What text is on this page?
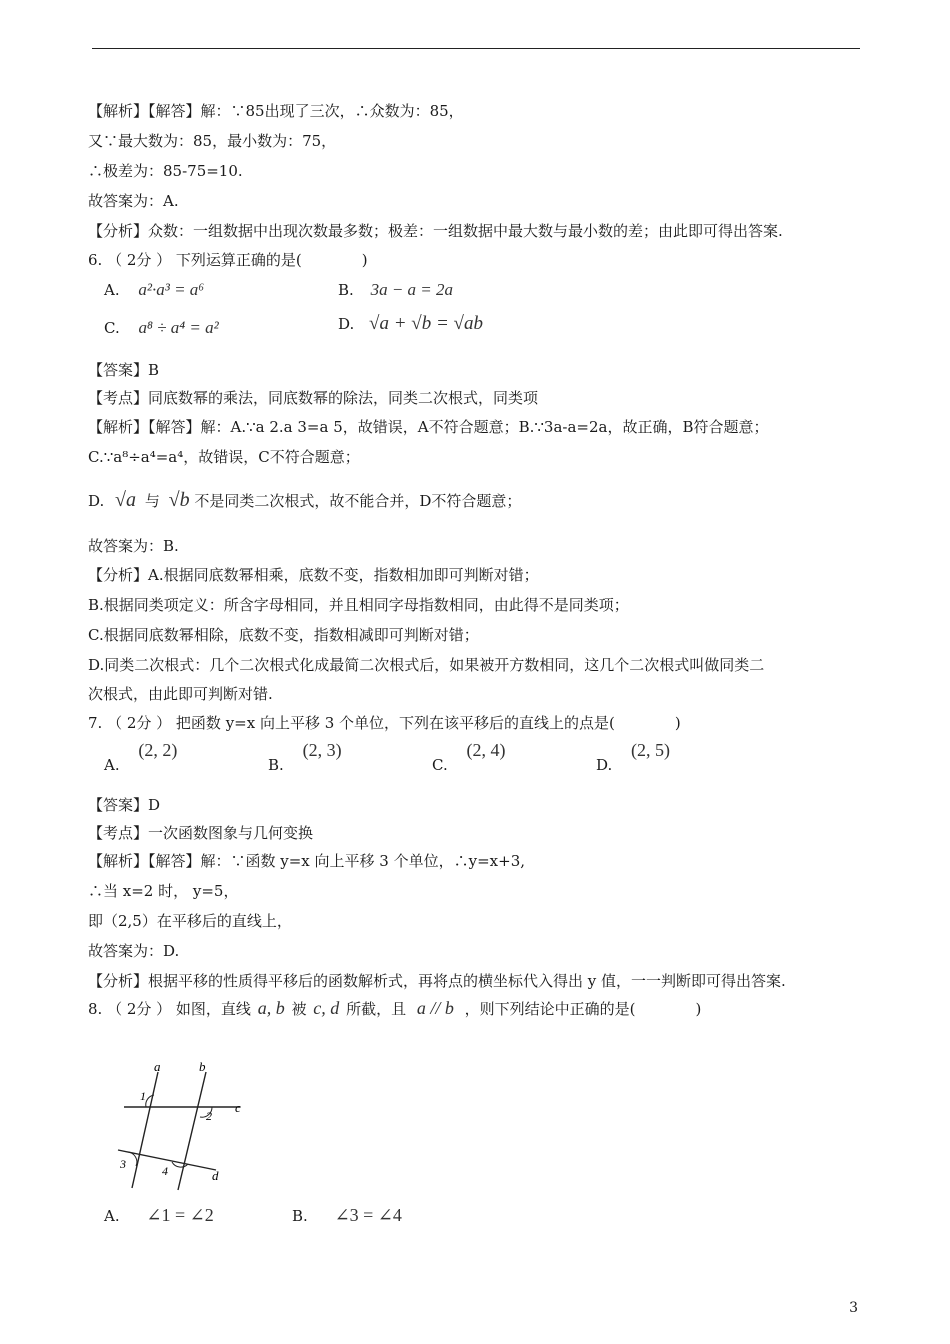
【解析】【解答】解：∵85出现了三次，∴众数为：85，
又∵最大数为：85，最小数为：75，
∴极差为：85-75=10.
故答案为：A.
【分析】众数：一组数据中出现次数最多数；极差：一组数据中最大数与最小数的差；由此即可得出答案.
6. （ 2分 ） 下列运算正确的是(　　　　)
A. a²·a³ = a⁶	B. 3a − a = 2a
C. a⁸ ÷ a⁴ = a²	D. √a + √b = √ab
【答案】B
【考点】同底数幂的乘法，同底数幂的除法，同类二次根式，同类项
【解析】【解答】解：A.∵a 2.a 3=a 5，故错误，A不符合题意；B.∵3a-a=2a，故正确，B符合题意；
C.∵a⁸÷a⁴=a⁴，故错误，C不符合题意；
D. √a 与 √b 不是同类二次根式，故不能合并，D不符合题意；
故答案为：B.
【分析】A.根据同底数幂相乘，底数不变，指数相加即可判断对错；
B.根据同类项定义：所含字母相同，并且相同字母指数相同，由此得不是同类项；
C.根据同底数幂相除，底数不变，指数相减即可判断对错；
D.同类二次根式：几个二次根式化成最简二次根式后，如果被开方数相同，这几个二次根式叫做同类二
次根式，由此即可判断对错.
7. （ 2分 ） 把函数 y=x 向上平移 3 个单位，下列在该平移后的直线上的点是(　　　　)
A. (2, 2)
B. (2, 3)
C. (2, 4)
D. (2, 5)
【答案】D
【考点】一次函数图象与几何变换
【解析】【解答】解：∵函数 y=x 向上平移 3 个单位，∴y=x+3,
∴当 x=2 时， y=5，
即（2,5）在平移后的直线上，
故答案为：D.
【分析】根据平移的性质得平移后的函数解析式，再将点的横坐标代入得出 y 值，一一判断即可得出答案.
8. （ 2分 ） 如图，直线 a, b 被 c, d 所截，且 a // b ，则下列结论中正确的是(　　　　)
a	b
c
d
1
2
3	4
A. ∠1 = ∠2	B. ∠3 = ∠4
3
